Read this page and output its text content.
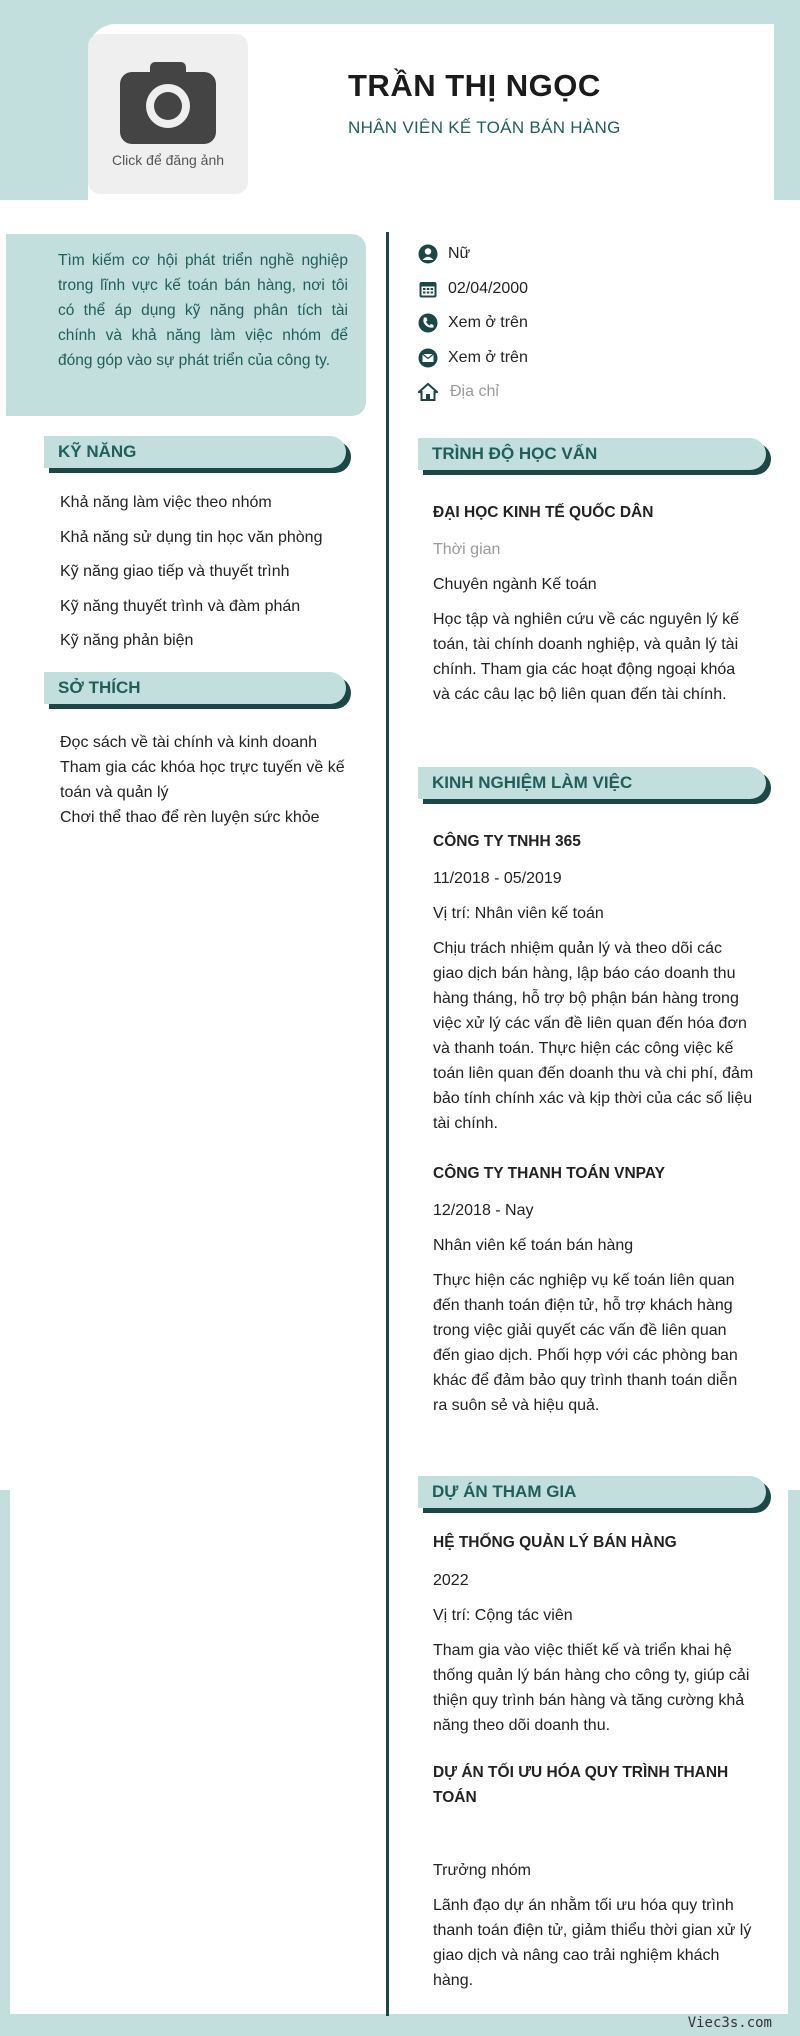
Click để đăng ảnh
TRẦN THỊ NGỌC
NHÂN VIÊN KẾ TOÁN BÁN HÀNG
Tìm kiếm cơ hội phát triển nghề nghiệp trong lĩnh vực kế toán bán hàng, nơi tôi có thể áp dụng kỹ năng phân tích tài chính và khả năng làm việc nhóm để đóng góp vào sự phát triển của công ty.
KỸ NĂNG
Khả năng làm việc theo nhóm
Khả năng sử dụng tin học văn phòng
Kỹ năng giao tiếp và thuyết trình
Kỹ năng thuyết trình và đàm phán
Kỹ năng phản biện
SỞ THÍCH
Đọc sách về tài chính và kinh doanh
Tham gia các khóa học trực tuyến về kế toán và quản lý
Chơi thể thao để rèn luyện sức khỏe
Nữ
02/04/2000
Xem ở trên
Xem ở trên
Địa chỉ
TRÌNH ĐỘ HỌC VẤN
ĐẠI HỌC KINH TẾ QUỐC DÂN
Thời gian
Chuyên ngành Kế toán
Học tập và nghiên cứu về các nguyên lý kế toán, tài chính doanh nghiệp, và quản lý tài chính. Tham gia các hoạt động ngoại khóa và các câu lạc bộ liên quan đến tài chính.
KINH NGHIỆM LÀM VIỆC
CÔNG TY TNHH 365
11/2018 - 05/2019
Vị trí: Nhân viên kế toán
Chịu trách nhiệm quản lý và theo dõi các giao dịch bán hàng, lập báo cáo doanh thu hàng tháng, hỗ trợ bộ phận bán hàng trong việc xử lý các vấn đề liên quan đến hóa đơn và thanh toán. Thực hiện các công việc kế toán liên quan đến doanh thu và chi phí, đảm bảo tính chính xác và kịp thời của các số liệu tài chính.
CÔNG TY THANH TOÁN VNPAY
12/2018 - Nay
Nhân viên kế toán bán hàng
Thực hiện các nghiệp vụ kế toán liên quan đến thanh toán điện tử, hỗ trợ khách hàng trong việc giải quyết các vấn đề liên quan đến giao dịch. Phối hợp với các phòng ban khác để đảm bảo quy trình thanh toán diễn ra suôn sẻ và hiệu quả.
DỰ ÁN THAM GIA
HỆ THỐNG QUẢN LÝ BÁN HÀNG
2022
Vị trí: Cộng tác viên
Tham gia vào việc thiết kế và triển khai hệ thống quản lý bán hàng cho công ty, giúp cải thiện quy trình bán hàng và tăng cường khả năng theo dõi doanh thu.
DỰ ÁN TỐI ƯU HÓA QUY TRÌNH THANH TOÁN
Trưởng nhóm
Lãnh đạo dự án nhằm tối ưu hóa quy trình thanh toán điện tử, giảm thiểu thời gian xử lý giao dịch và nâng cao trải nghiệm khách hàng.
Viec3s.com
